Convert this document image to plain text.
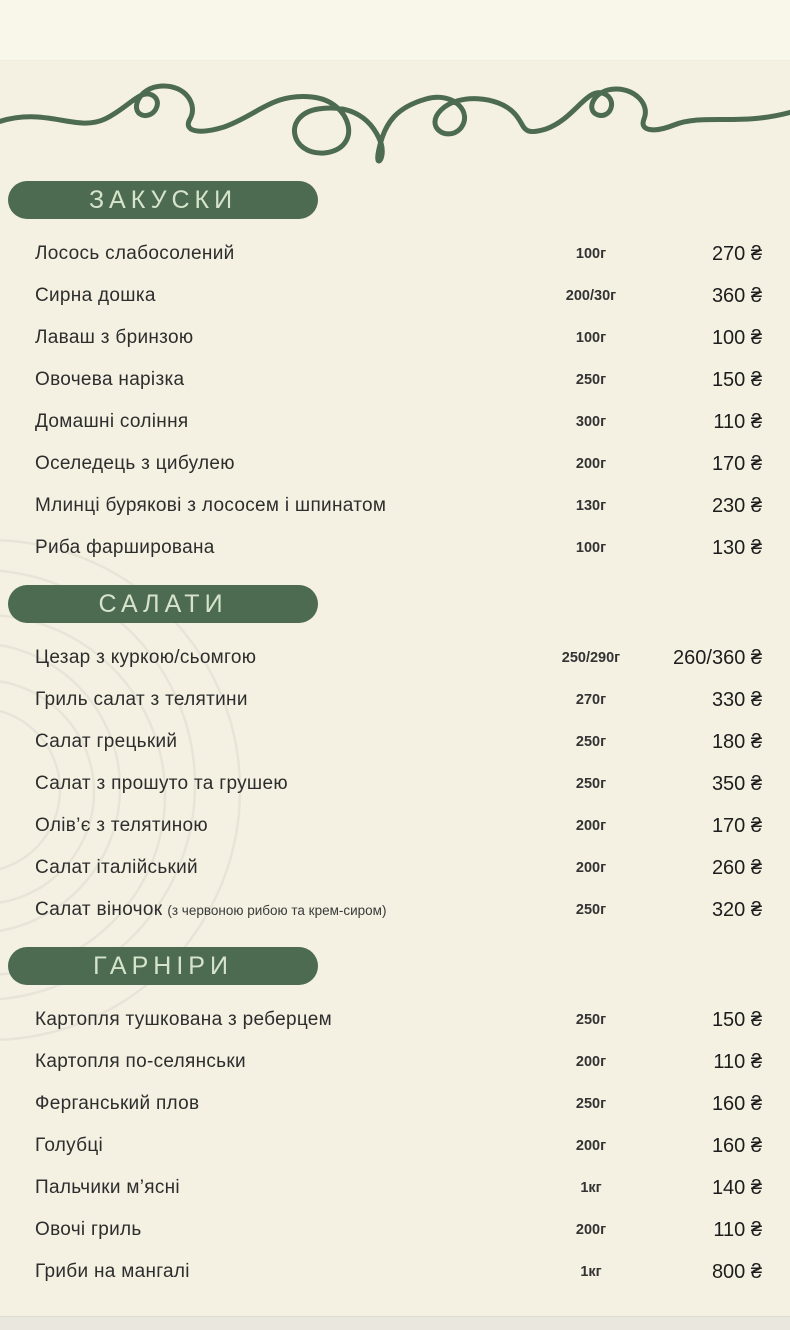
ЗАКУСКИ
Лосось слабосолений	100г	270 ₴
Сирна дошка	200/30г	360 ₴
Лаваш з бринзою	100г	100 ₴
Овочева нарізка	250г	150 ₴
Домашні соління	300г	110 ₴
Оселедець з цибулею	200г	170 ₴
Млинці бурякові з лососем і шпинатом	130г	230 ₴
Риба фарширована	100г	130 ₴
САЛАТИ
Цезар з куркою/сьомгою	250/290г	260/360 ₴
Гриль салат з телятини	270г	330 ₴
Салат грецький	250г	180 ₴
Салат з прошуто та грушею	250г	350 ₴
Олів’є з телятиною	200г	170 ₴
Салат італійський	200г	260 ₴
Салат віночок (з червоною рибою та крем-сиром)	250г	320 ₴
ГАРНІРИ
Картопля тушкована з реберцем	250г	150 ₴
Картопля по-селянськи	200г	110 ₴
Ферганський плов	250г	160 ₴
Голубці	200г	160 ₴
Пальчики м’ясні	1кг	140 ₴
Овочі гриль	200г	110 ₴
Гриби на мангалі	1кг	800 ₴
